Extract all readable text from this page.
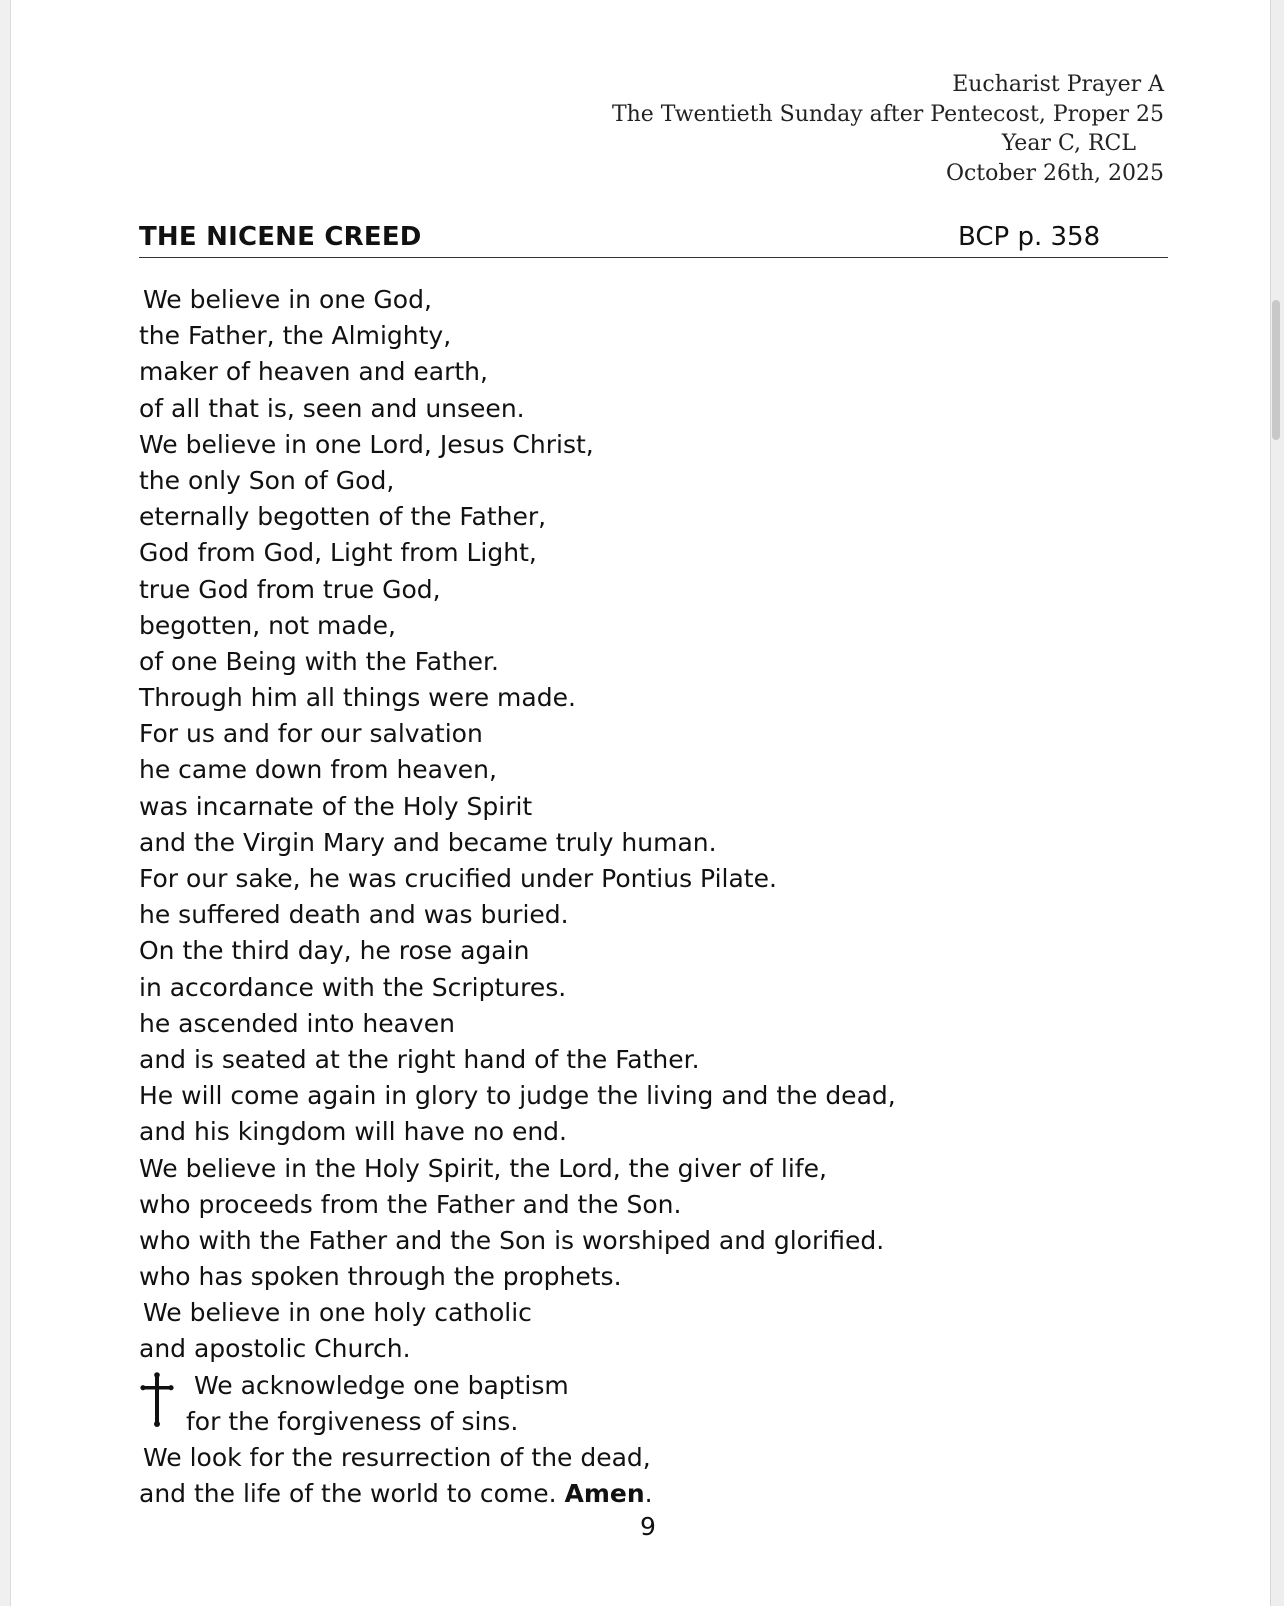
Eucharist Prayer A
The Twentieth Sunday after Pentecost, Proper 25
Year C, RCL
October 26th, 2025
THE NICENE CREED	BCP p. 358
We believe in one God,
the Father, the Almighty,
maker of heaven and earth,
of all that is, seen and unseen.
We believe in one Lord, Jesus Christ,
the only Son of God,
eternally begotten of the Father,
God from God, Light from Light,
true God from true God,
begotten, not made,
of one Being with the Father.
Through him all things were made.
For us and for our salvation
he came down from heaven,
was incarnate of the Holy Spirit
and the Virgin Mary and became truly human.
For our sake, he was crucified under Pontius Pilate.
he suffered death and was buried.
On the third day, he rose again
in accordance with the Scriptures.
he ascended into heaven
and is seated at the right hand of the Father.
He will come again in glory to judge the living and the dead,
and his kingdom will have no end.
We believe in the Holy Spirit, the Lord, the giver of life,
who proceeds from the Father and the Son.
who with the Father and the Son is worshiped and glorified.
who has spoken through the prophets.
We believe in one holy catholic
and apostolic Church.
We acknowledge one baptism
for the forgiveness of sins.
We look for the resurrection of the dead,
and the life of the world to come. Amen.
9
